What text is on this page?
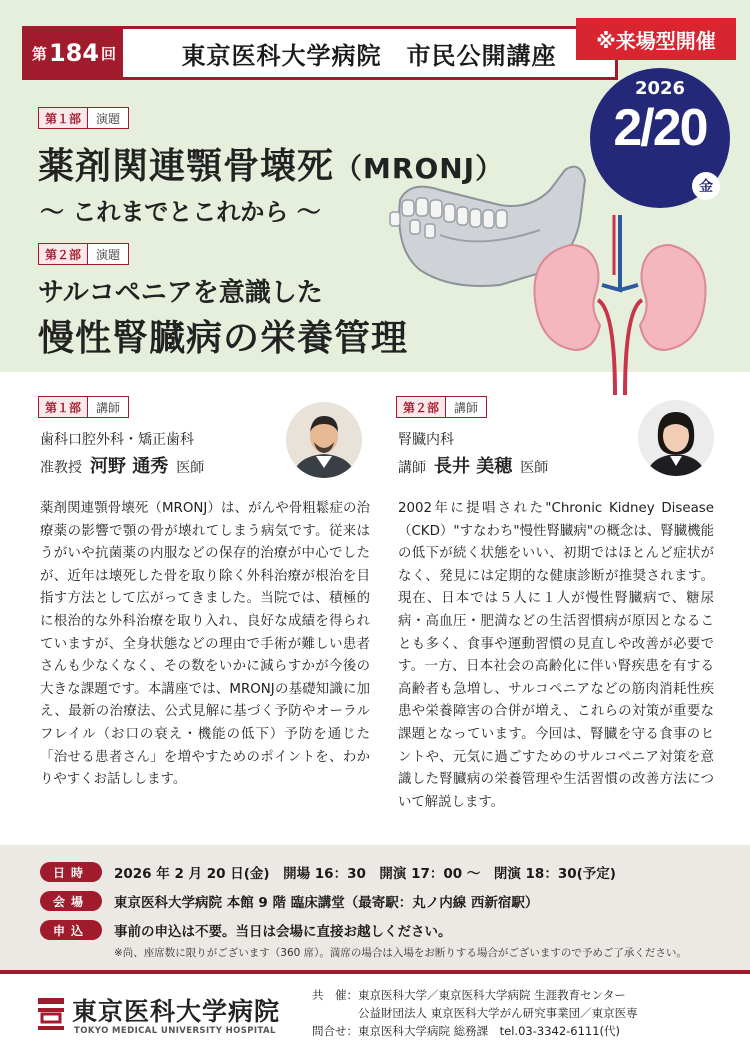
第 184 回	東京医科大学病院　市民公開講座
※来場型開催
2026
2/20
金
第１部	演題
薬剤関連顎骨壊死（MRONJ）
〜 これまでとこれから 〜
第２部	演題
サルコペニアを意識した
慢性腎臓病の栄養管理
第１部	講師
歯科口腔外科・矯正歯科
准教授 河野 通秀 医師
薬剤関連顎骨壊死（MRONJ）は、がんや骨粗鬆症の治療薬の影響で顎の骨が壊れてしまう病気です。従来はうがいや抗菌薬の内服などの保存的治療が中心でしたが、近年は壊死した骨を取り除く外科治療が根治を目指す方法として広がってきました。当院では、積極的に根治的な外科治療を取り入れ、良好な成績を得られていますが、全身状態などの理由で手術が難しい患者さんも少なくなく、その数をいかに減らすかが今後の大きな課題です。本講座では、MRONJの基礎知識に加え、最新の治療法、公式見解に基づく予防やオーラルフレイル（お口の衰え・機能の低下）予防を通じた「治せる患者さん」を増やすためのポイントを、わかりやすくお話しします。
第２部	講師
腎臓内科
講師 長井 美穂 医師
2002年に提唱された"Chronic Kidney Disease（CKD）"すなわち"慢性腎臓病"の概念は、腎臓機能の低下が続く状態をいい、初期ではほとんど症状がなく、発見には定期的な健康診断が推奨されます。現在、日本では５人に１人が慢性腎臓病で、糖尿病・高血圧・肥満などの生活習慣病が原因となることも多く、食事や運動習慣の見直しや改善が必要です。一方、日本社会の高齢化に伴い腎疾患を有する高齢者も急増し、サルコペニアなどの筋肉消耗性疾患や栄養障害の合併が増え、これらの対策が重要な課題となっています。今回は、腎臓を守る食事のヒントや、元気に過ごすためのサルコペニア対策を意識した腎臓病の栄養管理や生活習慣の改善方法について解説します。
日時	2026 年 2 月 20 日(金)　開場 16：30　開演 17：00 〜　閉演 18：30(予定)
会場	東京医科大学病院 本館 9 階 臨床講堂（最寄駅：丸ノ内線 西新宿駅）
申込	事前の申込は不要。当日は会場に直接お越しください。
※尚、座席数に限りがございます（360 席）。満席の場合は入場をお断りする場合がございますので予めご了承ください。
東京医科大学病院
TOKYO MEDICAL UNIVERSITY HOSPITAL
共　催：東京医科大学／東京医科大学病院 生涯教育センター
公益財団法人 東京医科大学がん研究事業団／東京医専
問合せ：東京医科大学病院 総務課　tel.03-3342-6111(代)
